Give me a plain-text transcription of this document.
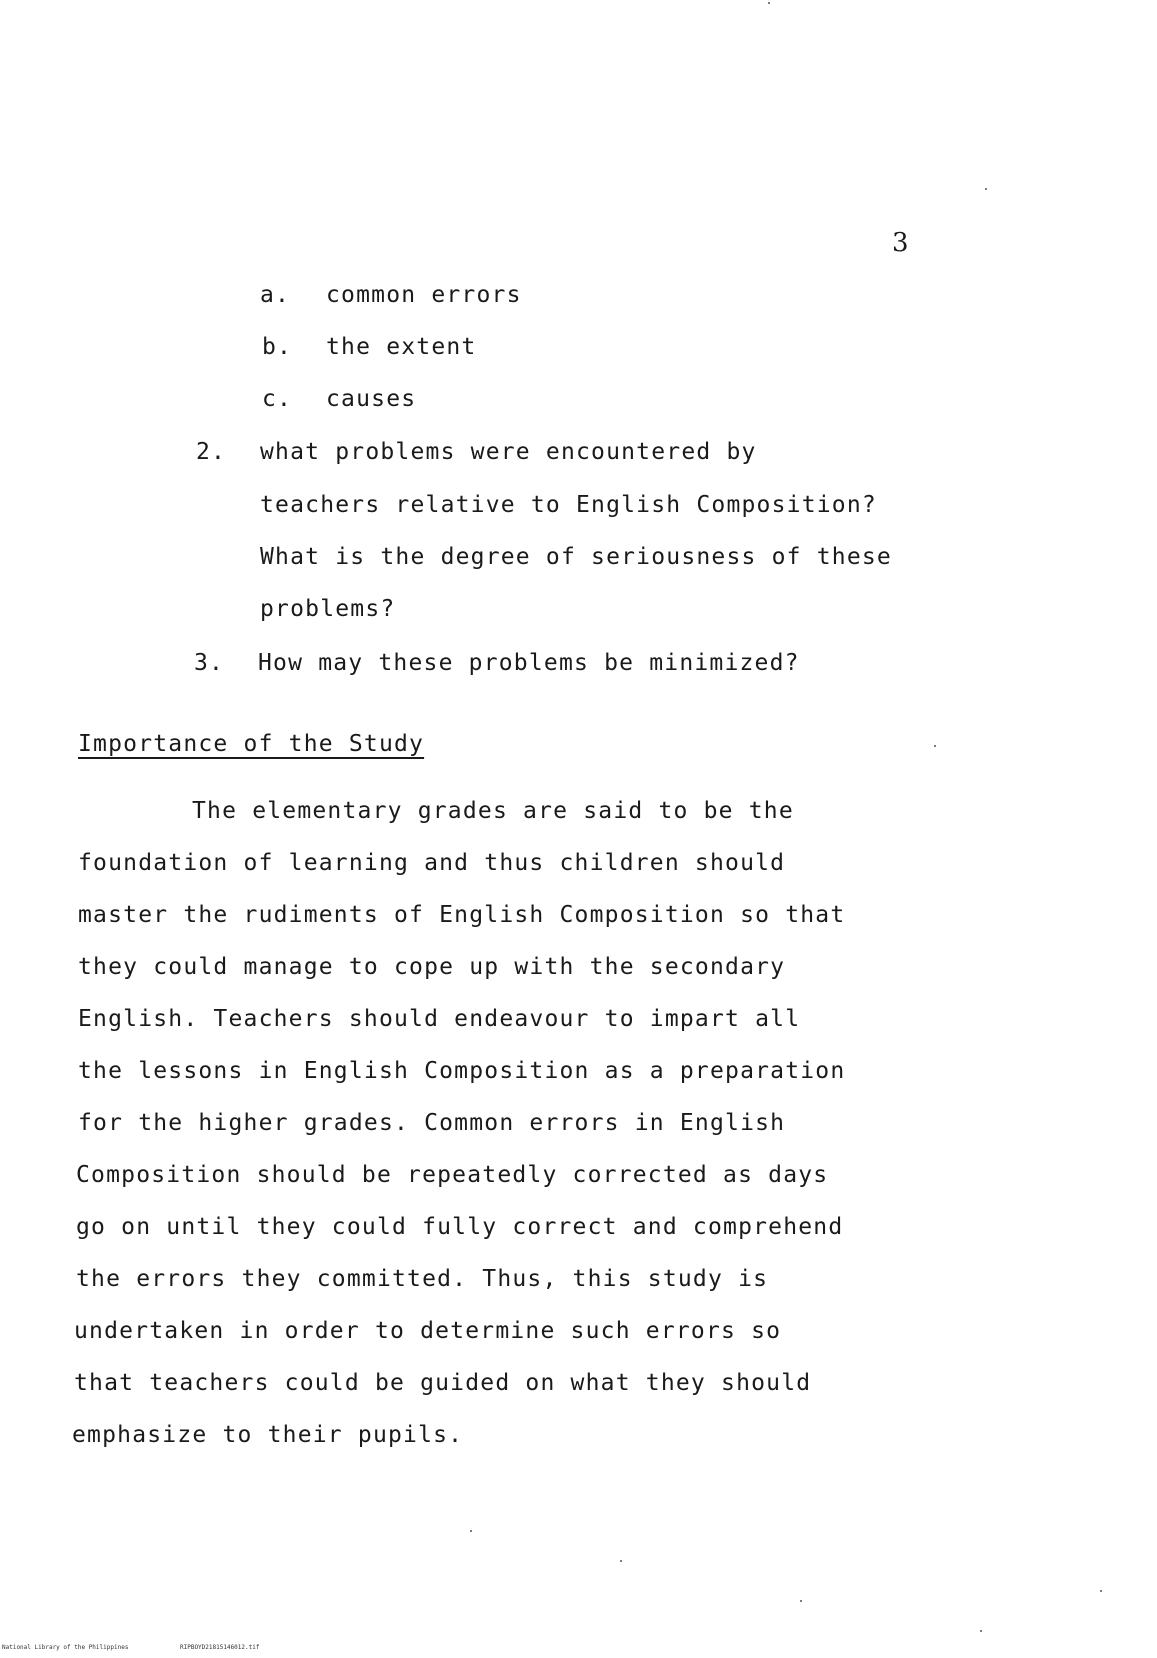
3
a. common errors
b. the extent
c. causes
2. what problems were encountered by
teachers relative to English Composition?
What is the degree of seriousness of these
problems?
3. How may these problems be minimized?
Importance of the Study
The elementary grades are said to be the
foundation of learning and thus children should
master the rudiments of English Composition so that
they could manage to cope up with the secondary
English. Teachers should endeavour to impart all
the lessons in English Composition as a preparation
for the higher grades. Common errors in English
Composition should be repeatedly corrected as days
go on until they could fully correct and comprehend
the errors they committed. Thus, this study is
undertaken in order to determine such errors so
that teachers could be guided on what they should
emphasize to their pupils.
National Library of the Philippines	RIPBOYD21815146012.tif
